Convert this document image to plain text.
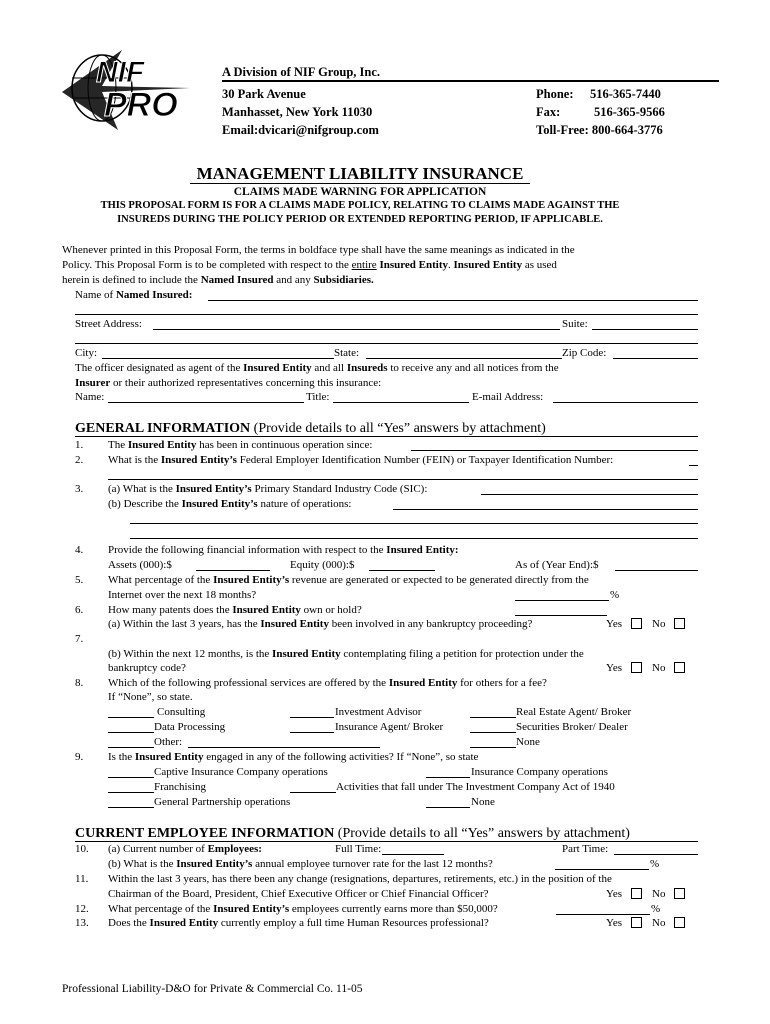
NIF
PRO
A Division of NIF Group, Inc.
30 Park Avenue
Manhasset, New York 11030
Email:dvicari@nifgroup.com
Phone: 516-365-7440
Fax:	516-365-9566
Toll-Free: 800-664-3776
MANAGEMENT LIABILITY INSURANCE
CLAIMS MADE WARNING FOR APPLICATION
THIS PROPOSAL FORM IS FOR A CLAIMS MADE POLICY, RELATING TO CLAIMS MADE AGAINST THE
INSUREDS DURING THE POLICY PERIOD OR EXTENDED REPORTING PERIOD, IF APPLICABLE.
Whenever printed in this Proposal Form, the terms in boldface type shall have the same meanings as indicated in the
Policy. This Proposal Form is to be completed with respect to the entire Insured Entity. Insured Entity as used
herein is defined to include the Named Insured and any Subsidiaries.
Name of Named Insured:
Street Address:	Suite:
City:	State:	Zip Code:
The officer designated as agent of the Insured Entity and all Insureds to receive any and all notices from the
Insurer or their authorized representatives concerning this insurance:
Name:	Title:	E-mail Address:
GENERAL INFORMATION (Provide details to all “Yes” answers by attachment)
1. The Insured Entity has been in continuous operation since:
2. What is the Insured Entity’s Federal Employer Identification Number (FEIN) or Taxpayer Identification Number:
3. (a) What is the Insured Entity’s Primary Standard Industry Code (SIC):
(b) Describe the Insured Entity’s nature of operations:
4. Provide the following financial information with respect to the Insured Entity:
Assets (000):$	Equity (000):$	As of (Year End):$
5. What percentage of the Insured Entity’s revenue are generated or expected to be generated directly from the
Internet over the next 18 months?	%
6. How many patents does the Insured Entity own or hold?
(a) Within the last 3 years, has the Insured Entity been involved in any bankruptcy proceeding?	Yes	No
7.
(b) Within the next 12 months, is the Insured Entity contemplating filing a petition for protection under the
bankruptcy code?	Yes	No
8. Which of the following professional services are offered by the Insured Entity for others for a fee?
If “None”, so state.
Consulting	Investment Advisor	Real Estate Agent/ Broker
Data Processing	Insurance Agent/ Broker	Securities Broker/ Dealer
Other:	None
9. Is the Insured Entity engaged in any of the following activities? If “None”, so state
Captive Insurance Company operations	Insurance Company operations
Franchising	Activities that fall under The Investment Company Act of 1940
General Partnership operations	None
CURRENT EMPLOYEE INFORMATION (Provide details to all “Yes” answers by attachment)
10. (a) Current number of Employees:	Full Time:	Part Time:
(b) What is the Insured Entity’s annual employee turnover rate for the last 12 months?	%
11. Within the last 3 years, has there been any change (resignations, departures, retirements, etc.) in the position of the
Chairman of the Board, President, Chief Executive Officer or Chief Financial Officer?	Yes	No
12. What percentage of the Insured Entity’s employees currently earns more than $50,000?	%
13. Does the Insured Entity currently employ a full time Human Resources professional?	Yes	No
Professional Liability-D&O for Private & Commercial Co. 11-05
